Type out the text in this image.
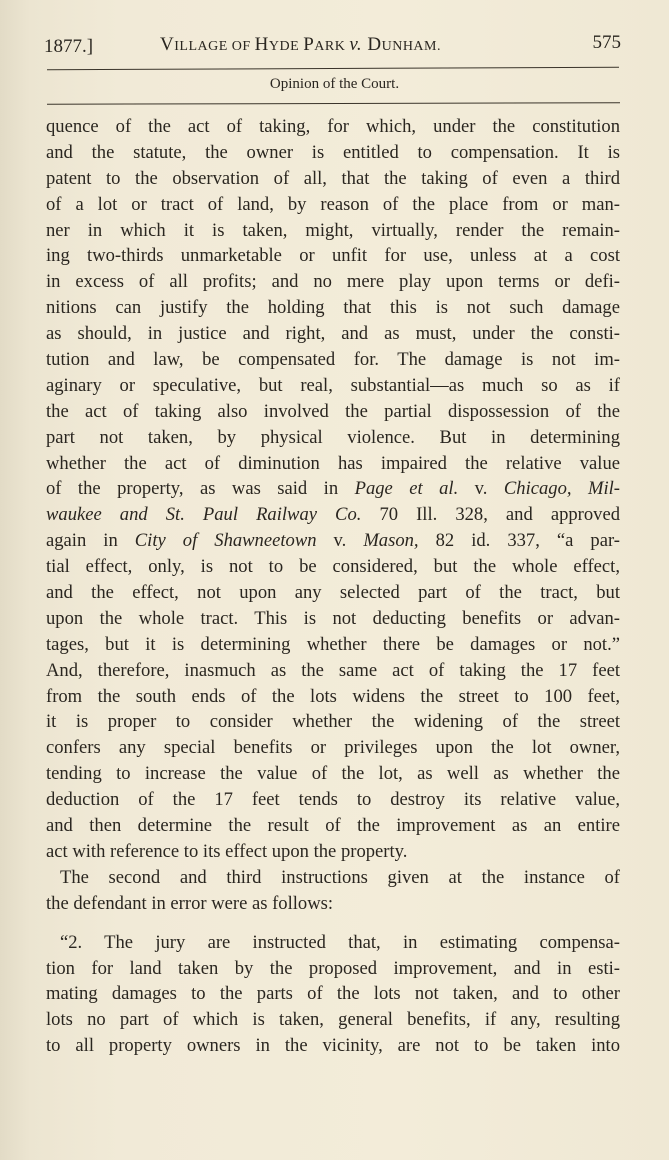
1877.]	VILLAGE OF HYDE PARK v. DUNHAM.	575
Opinion of the Court.
quence of the act of taking, for which, under the constitution
and the statute, the owner is entitled to compensation. It is
patent to the observation of all, that the taking of even a third
of a lot or tract of land, by reason of the place from or man-
ner in which it is taken, might, virtually, render the remain-
ing two-thirds unmarketable or unfit for use, unless at a cost
in excess of all profits; and no mere play upon terms or defi-
nitions can justify the holding that this is not such damage
as should, in justice and right, and as must, under the consti-
tution and law, be compensated for. The damage is not im-
aginary or speculative, but real, substantial—as much so as if
the act of taking also involved the partial dispossession of the
part not taken, by physical violence. But in determining
whether the act of diminution has impaired the relative value
of the property, as was said in Page et al. v. Chicago, Mil-
waukee and St. Paul Railway Co. 70 Ill. 328, and approved
again in City of Shawneetown v. Mason, 82 id. 337, “a par-
tial effect, only, is not to be considered, but the whole effect,
and the effect, not upon any selected part of the tract, but
upon the whole tract. This is not deducting benefits or advan-
tages, but it is determining whether there be damages or not.”
And, therefore, inasmuch as the same act of taking the 17 feet
from the south ends of the lots widens the street to 100 feet,
it is proper to consider whether the widening of the street
confers any special benefits or privileges upon the lot owner,
tending to increase the value of the lot, as well as whether the
deduction of the 17 feet tends to destroy its relative value,
and then determine the result of the improvement as an entire
act with reference to its effect upon the property.
The second and third instructions given at the instance of
the defendant in error were as follows:
“2. The jury are instructed that, in estimating compensa-
tion for land taken by the proposed improvement, and in esti-
mating damages to the parts of the lots not taken, and to other
lots no part of which is taken, general benefits, if any, resulting
to all property owners in the vicinity, are not to be taken into
